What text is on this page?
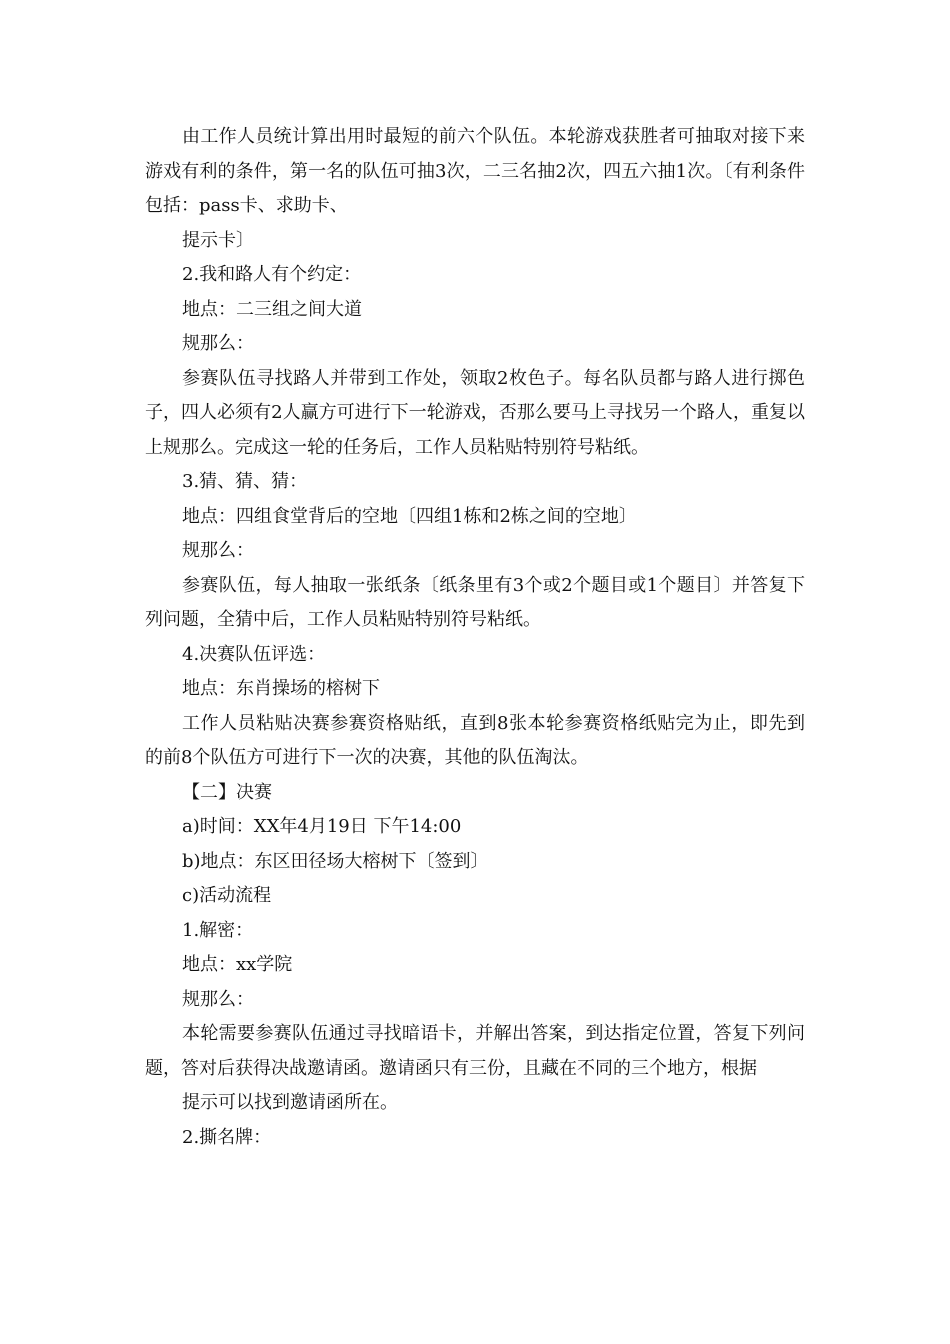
由工作人员统计算出用时最短的前六个队伍。本轮游戏获胜者可抽取对接下来游戏有利的条件，第一名的队伍可抽3次，二三名抽2次，四五六抽1次。〔有利条件包括：pass卡、求助卡、

提示卡〕

2.我和路人有个约定：

地点：二三组之间大道

规那么：

参赛队伍寻找路人并带到工作处，领取2枚色子。每名队员都与路人进行掷色子，四人必须有2人赢方可进行下一轮游戏，否那么要马上寻找另一个路人，重复以上规那么。完成这一轮的任务后，工作人员粘贴特别符号粘纸。

3.猜、猜、猜：

地点：四组食堂背后的空地〔四组1栋和2栋之间的空地〕

规那么：

参赛队伍，每人抽取一张纸条〔纸条里有3个或2个题目或1个题目〕并答复下列问题，全猜中后，工作人员粘贴特别符号粘纸。

4.决赛队伍评选：

地点：东肖操场的榕树下

工作人员粘贴决赛参赛资格贴纸，直到8张本轮参赛资格纸贴完为止，即先到的前8个队伍方可进行下一次的决赛，其他的队伍淘汰。

【二】决赛

a)时间：XX年4月19日 下午14:00

b)地点：东区田径场大榕树下〔签到〕

c)活动流程

1.解密：

地点：xx学院

规那么：

本轮需要参赛队伍通过寻找暗语卡，并解出答案，到达指定位置，答复下列问题，答对后获得决战邀请函。邀请函只有三份，且藏在不同的三个地方，根据

提示可以找到邀请函所在。

2.撕名牌：
